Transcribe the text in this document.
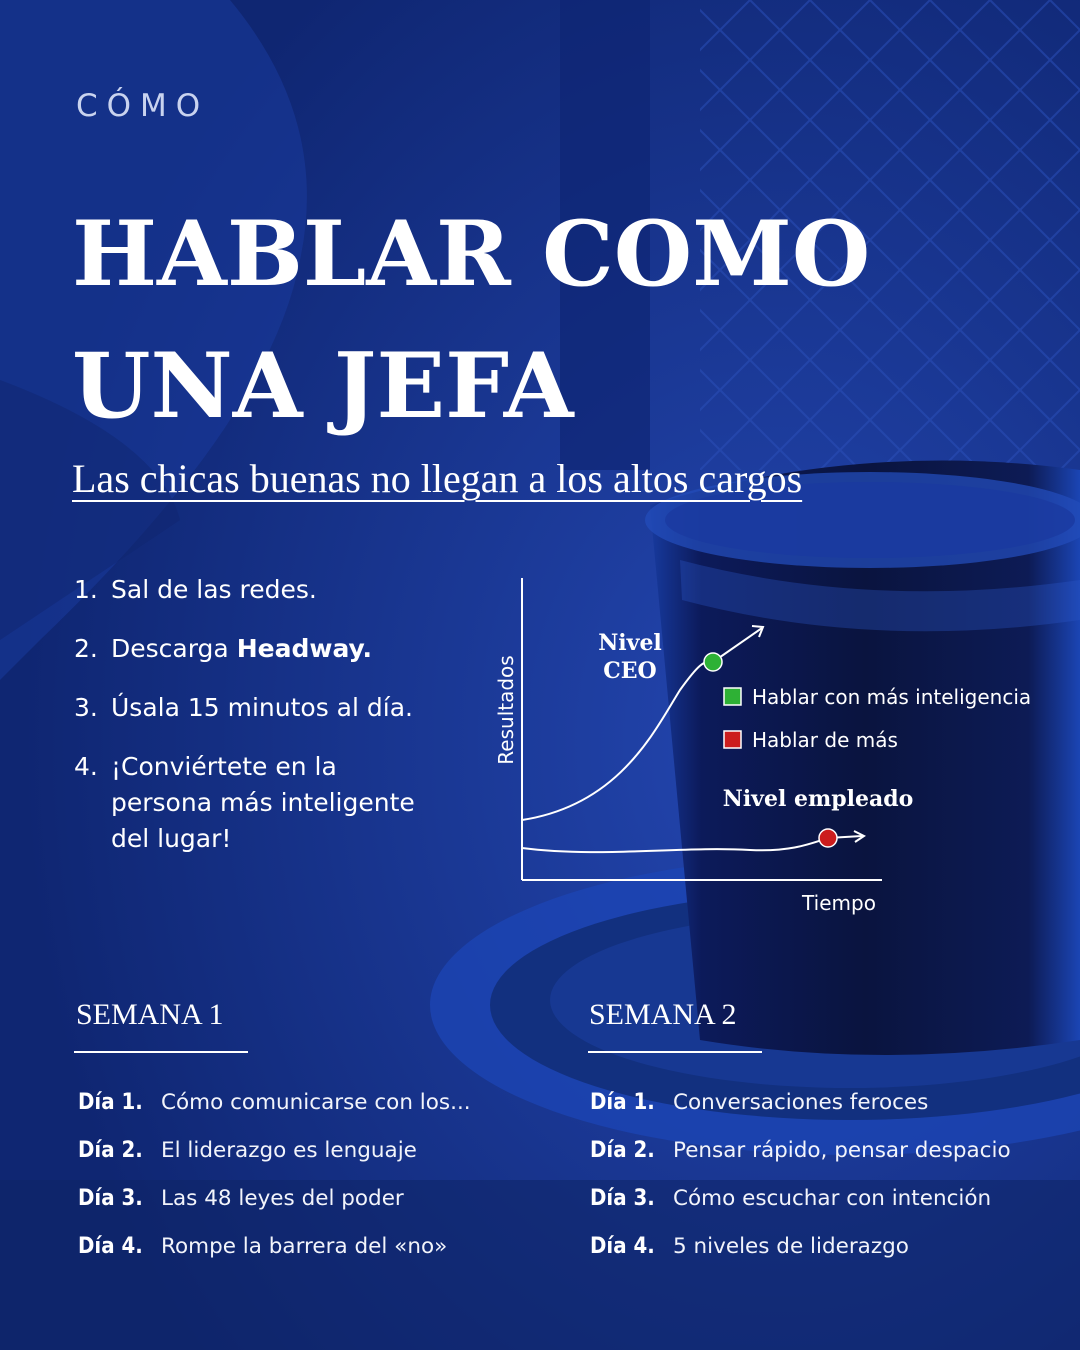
CÓMO
HABLAR COMO
UNA JEFA
Las chicas buenas no llegan a los altos cargos
1. Sal de las redes.
2. Descarga Headway.
3. Úsala 15 minutos al día.
4. ¡Conviértete en la persona más inteligente del lugar!
Resultados
Tiempo
Nivel
CEO
Nivel empleado
Hablar con más inteligencia
Hablar de más
SEMANA 1
Día 1. Cómo comunicarse con los...
Día 2. El liderazgo es lenguaje
Día 3. Las 48 leyes del poder
Día 4. Rompe la barrera del «no»
SEMANA 2
Día 1. Conversaciones feroces
Día 2. Pensar rápido, pensar despacio
Día 3. Cómo escuchar con intención
Día 4. 5 niveles de liderazgo
